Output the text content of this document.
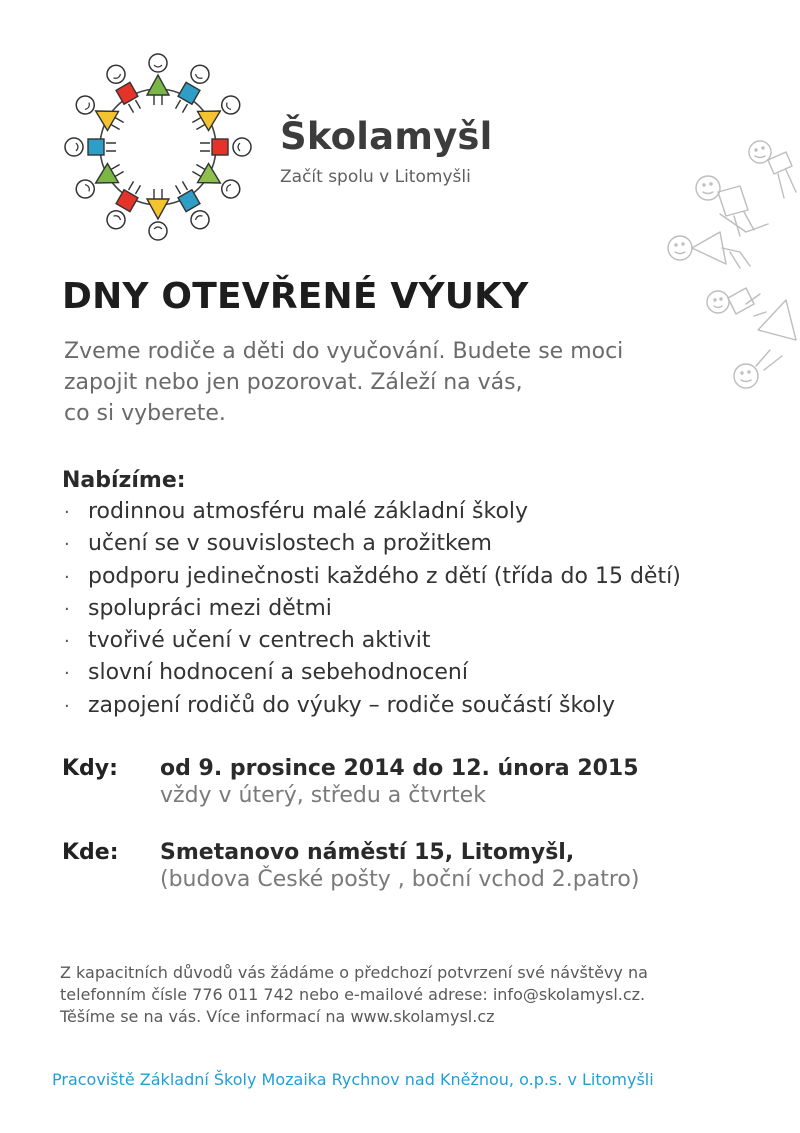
Školamyšl
Začít spolu v Litomyšli
DNY OTEVŘENÉ VÝUKY
Zveme rodiče a děti do vyučování. Budete se moci
zapojit nebo jen pozorovat. Záleží na vás,
co si vyberete.
Nabízíme:
· rodinnou atmosféru malé základní školy
· učení se v souvislostech a prožitkem
· podporu jedinečnosti každého z dětí (třída do 15 dětí)
· spolupráci mezi dětmi
· tvořivé učení v centrech aktivit
· slovní hodnocení a sebehodnocení
· zapojení rodičů do výuky – rodiče součástí školy
Kdy:	od 9. prosince 2014 do 12. února 2015
vždy v úterý, středu a čtvrtek
Kde:	Smetanovo náměstí 15, Litomyšl,
(budova České pošty , boční vchod 2.patro)
Z kapacitních důvodů vás žádáme o předchozí potvrzení své návštěvy na
telefonním čísle 776 011 742 nebo e-mailové adrese: info@skolamysl.cz.
Těšíme se na vás. Více informací na www.skolamysl.cz
Pracoviště Základní Školy Mozaika Rychnov nad Kněžnou, o.p.s. v Litomyšli
